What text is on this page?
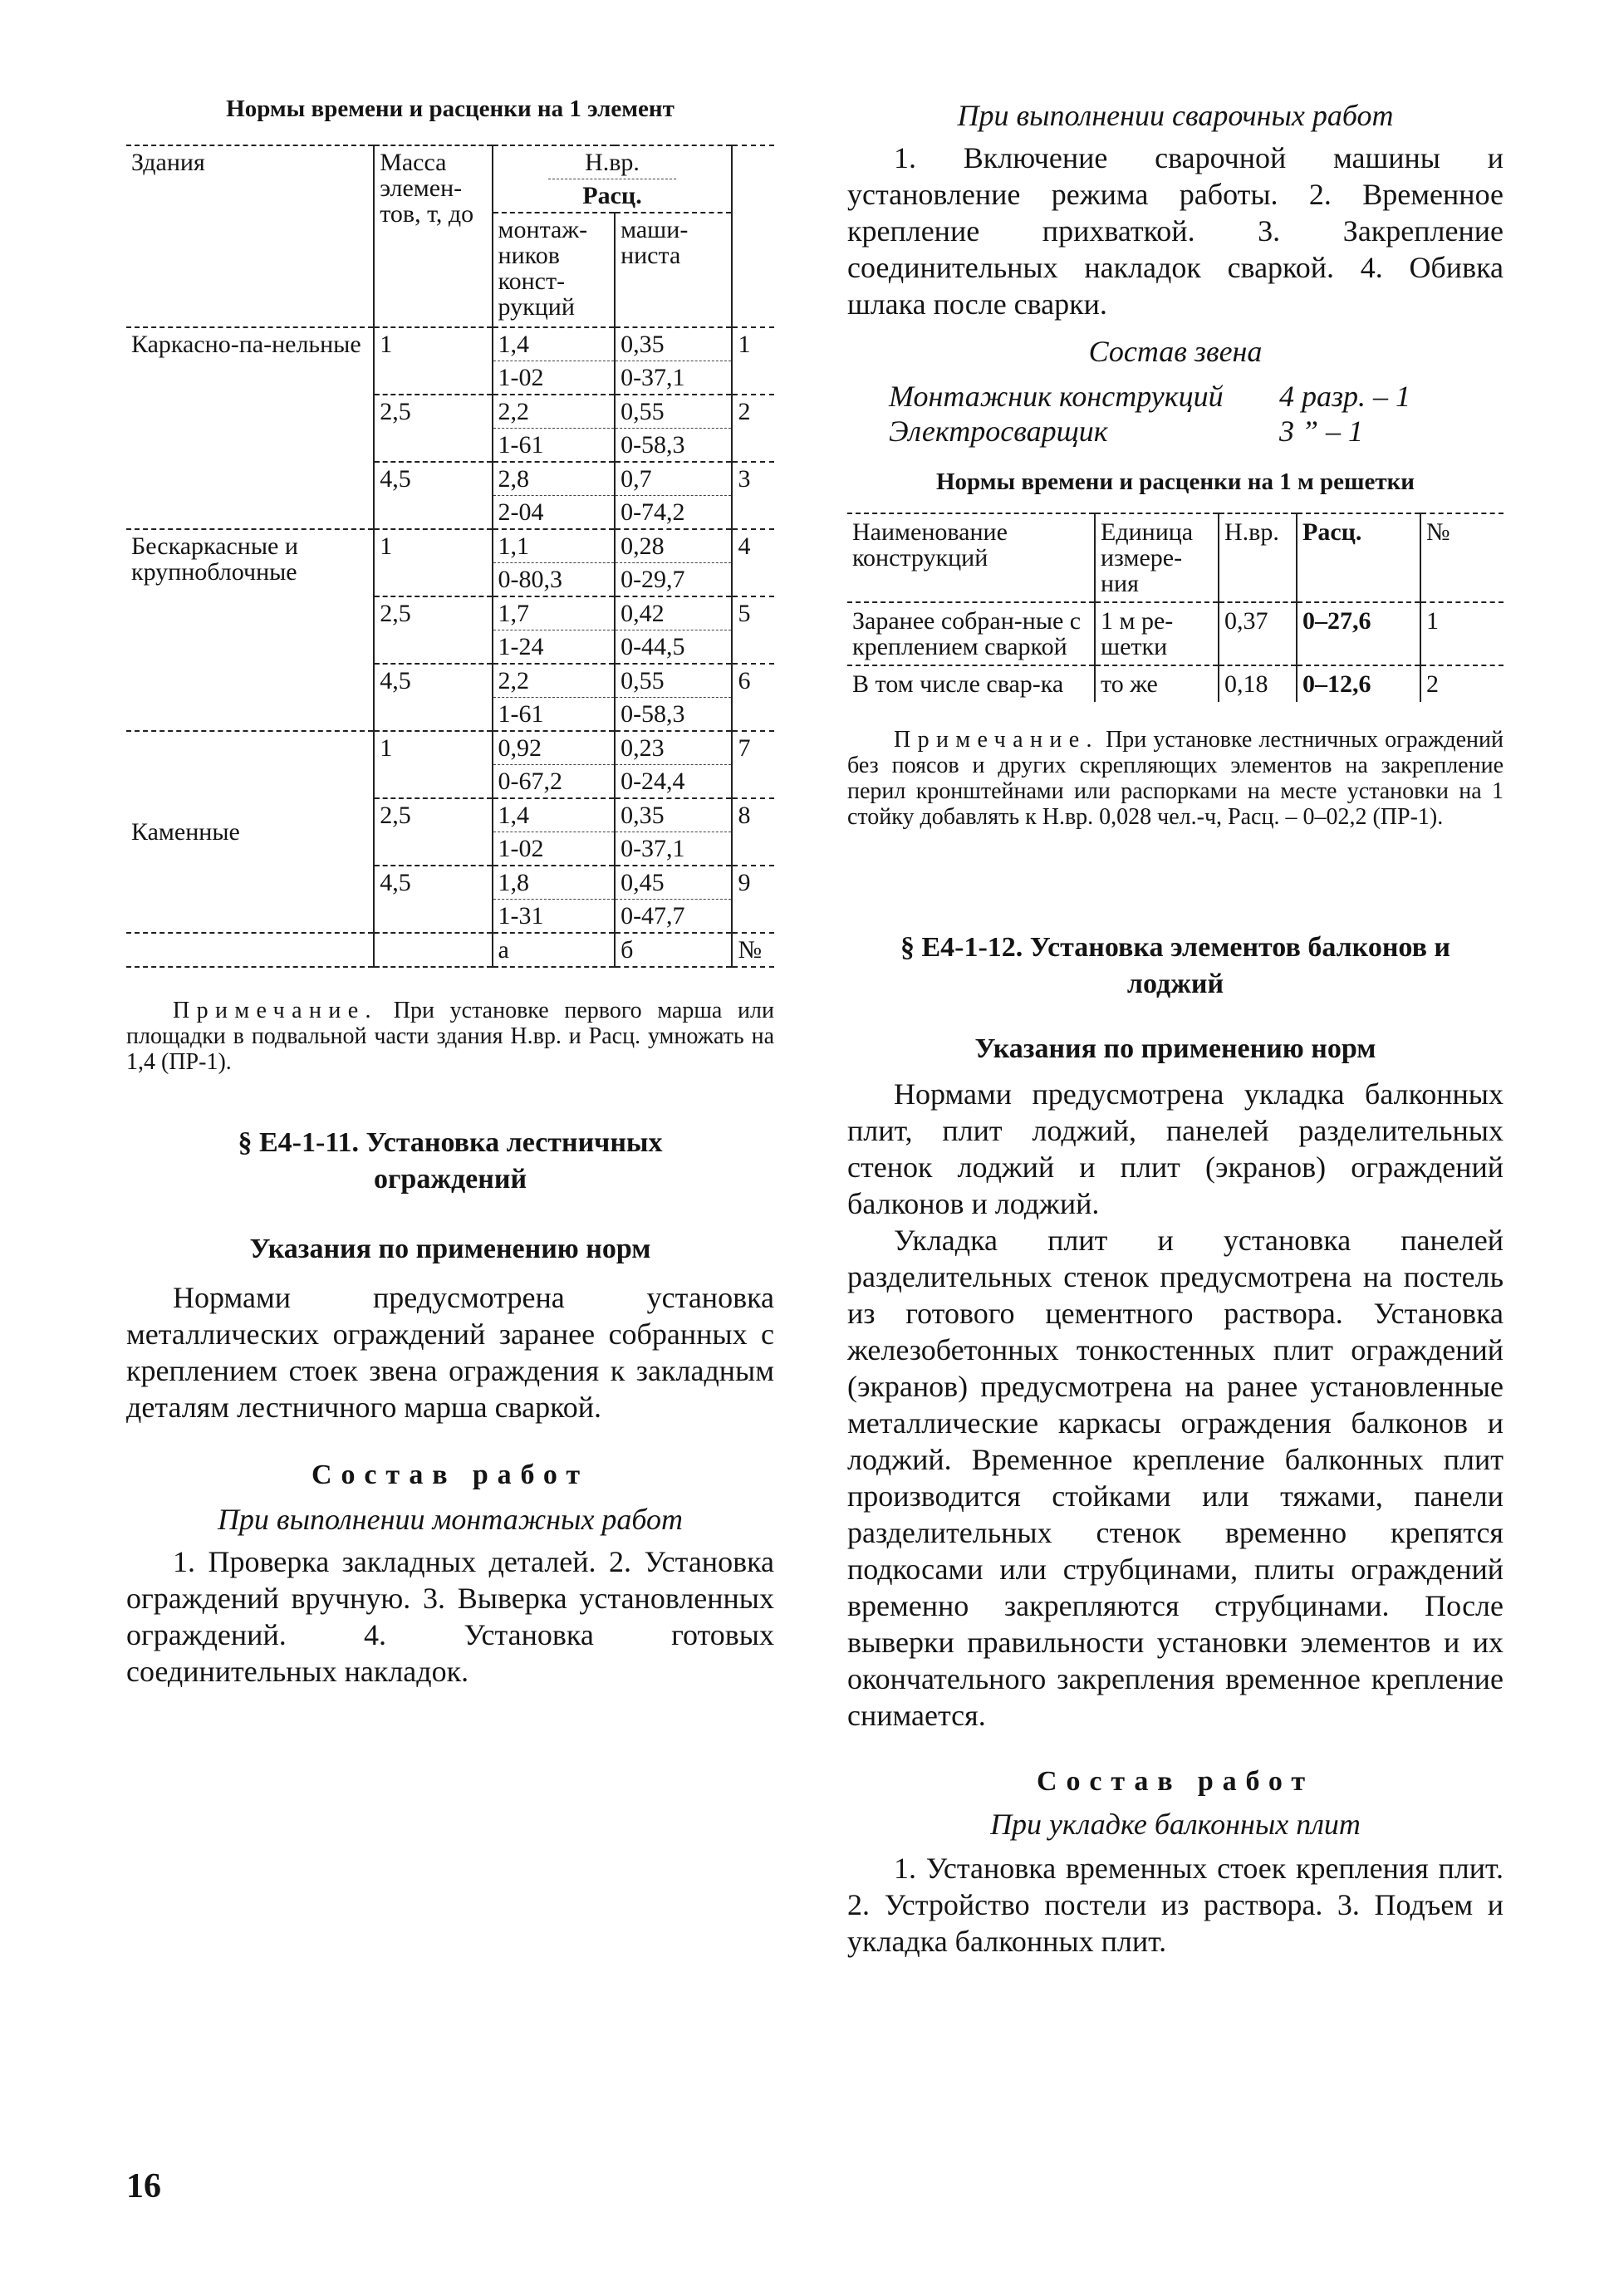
Нормы времени и расценки на 1 элемент
Здания	Масса элемен-тов, т, до	Н.вр.
Расц.		

		монтаж-ников конст-рукций	маши-ниста	

Каркасно-па-нельные	1	1,4	0,35	1
		1-02	0-37,1	
	2,5	2,2	0,55	2
		1-61	0-58,3	
	4,5	2,8	0,7	3
		2-04	0-74,2	
Бескаркасные и крупноблочные	1	1,1	0,28	4
		0-80,3	0-29,7	
	2,5	1,7	0,42	5
		1-24	0-44,5	
	4,5	2,2	0,55	6
		1-61	0-58,3	
Каменные	1	0,92	0,23	7
		0-67,2	0-24,4	
	2,5	1,4	0,35	8
		1-02	0-37,1	
	4,5	1,8	0,45	9
		1-31	0-47,7	
		а	б	№

Примечание. При установке первого марша или площадки в подвальной части здания Н.вр. и Расц. умножать на 1,4 (ПР-1).

§ Е4-1-11. Установка лестничных ограждений
Указания по применению норм

Нормами предусмотрена установка металлических ограждений заранее собранных с креплением стоек звена ограждения к закладным деталям лестничного марша сваркой.

Состав работ
При выполнении монтажных работ

1. Проверка закладных деталей. 2. Установка ограждений вручную. 3. Выверка установленных ограждений. 4. Установка готовых соединительных накладок.

При выполнении сварочных работ

1. Включение сварочной машины и установление режима работы. 2. Временное крепление прихваткой. 3. Закрепление соединительных накладок сваркой. 4. Обивка шлака после сварки.

Состав звена
Монтажник конструкций 4 разр. – 1
Электросварщик	3 ” – 1
Нормы времени и расценки на 1 м решетки
Наименование конструкций	Единица измере-ния	Н.вр.	Расц.	№
Заранее собран-ные с креплением сваркой	1 м ре-шетки	0,37	0–27,6	1
В том числе свар-ка	то же	0,18	0–12,6	2

Примечание. При установке лестничных ограждений без поясов и других скрепляющих элементов на закрепление перил кронштейнами или распорками на месте установки на 1 стойку добавлять к Н.вр. 0,028 чел.-ч, Расц. – 0–02,2 (ПР-1).

§ Е4-1-12. Установка элементов балконов и лоджий
Указания по применению норм

Нормами предусмотрена укладка балконных плит, плит лоджий, панелей разделительных стенок лоджий и плит (экранов) ограждений балконов и лоджий.

Укладка плит и установка панелей разделительных стенок предусмотрена на постель из готового цементного раствора. Установка железобетонных тонкостенных плит ограждений (экранов) предусмотрена на ранее установленные металлические каркасы ограждения балконов и лоджий. Временное крепление балконных плит производится стойками или тяжами, панели разделительных стенок временно крепятся подкосами или струбцинами, плиты ограждений временно закрепляются струбцинами. После выверки правильности установки элементов и их окончательного закрепления временное крепление снимается.

Состав работ
При укладке балконных плит

1. Установка временных стоек крепления плит. 2. Устройство постели из раствора. 3. Подъем и укладка балконных плит.

16
